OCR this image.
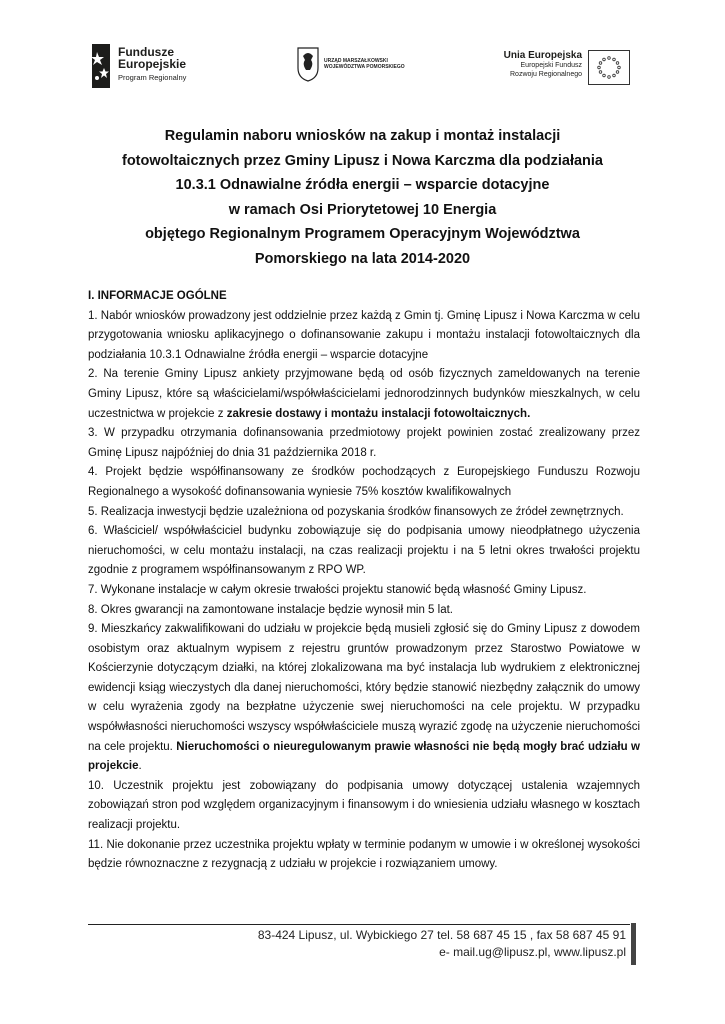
Fundusze
Europejskie
Program Regionalny
URZĄD MARSZAŁKOWSKI
WOJEWÓDZTWA POMORSKIEGO
Unia Europejska
Europejski Fundusz
Rozwoju Regionalnego
Regulamin naboru wniosków na zakup i montaż instalacji
fotowoltaicznych przez Gminy Lipusz i Nowa Karczma dla podziałania
10.3.1 Odnawialne źródła energii – wsparcie dotacyjne
w ramach Osi Priorytetowej 10 Energia
objętego Regionalnym Programem Operacyjnym Województwa
Pomorskiego na lata 2014-2020
I. INFORMACJE OGÓLNE

1. Nabór wniosków prowadzony jest oddzielnie przez każdą z Gmin tj. Gminę Lipusz i Nowa Karczma w celu przygotowania wniosku aplikacyjnego o dofinansowanie zakupu i montażu instalacji fotowoltaicznych dla podziałania 10.3.1 Odnawialne źródła energii – wsparcie dotacyjne

2. Na terenie Gminy Lipusz ankiety przyjmowane będą od osób fizycznych zameldowanych na terenie Gminy Lipusz, które są właścicielami/współwłaścicielami jednorodzinnych budynków mieszkalnych, w celu uczestnictwa w projekcie z zakresie dostawy i montażu instalacji fotowoltaicznych.

3. W przypadku otrzymania dofinansowania przedmiotowy projekt powinien zostać zrealizowany przez Gminę Lipusz najpóźniej do dnia 31 października 2018 r.

4. Projekt będzie współfinansowany ze środków pochodzących z Europejskiego Funduszu Rozwoju Regionalnego a wysokość dofinansowania wyniesie 75% kosztów kwalifikowalnych

5. Realizacja inwestycji będzie uzależniona od pozyskania środków finansowych ze źródeł zewnętrznych.

6. Właściciel/ współwłaściciel budynku zobowiązuje się do podpisania umowy nieodpłatnego użyczenia nieruchomości, w celu montażu instalacji, na czas realizacji projektu i na 5 letni okres trwałości projektu zgodnie z programem współfinansowanym z RPO WP.

7. Wykonane instalacje w całym okresie trwałości projektu stanowić będą własność Gminy Lipusz.

8. Okres gwarancji na zamontowane instalacje będzie wynosił min 5 lat.

9. Mieszkańcy zakwalifikowani do udziału w projekcie będą musieli zgłosić się do Gminy Lipusz z dowodem osobistym oraz aktualnym wypisem z rejestru gruntów prowadzonym przez Starostwo Powiatowe w Kościerzynie dotyczącym działki, na której zlokalizowana ma być instalacja lub wydrukiem z elektronicznej ewidencji ksiąg wieczystych dla danej nieruchomości, który będzie stanowić niezbędny załącznik do umowy w celu wyrażenia zgody na bezpłatne użyczenie swej nieruchomości na cele projektu. W przypadku współwłasności nieruchomości wszyscy współwłaściciele muszą wyrazić zgodę na użyczenie nieruchomości na cele projektu. Nieruchomości o nieuregulowanym prawie własności nie będą mogły brać udziału w projekcie.

10. Uczestnik projektu jest zobowiązany do podpisania umowy dotyczącej ustalenia wzajemnych zobowiązań stron pod względem organizacyjnym i finansowym i do wniesienia udziału własnego w kosztach realizacji projektu.

11. Nie dokonanie przez uczestnika projektu wpłaty w terminie podanym w umowie i w określonej wysokości będzie równoznaczne z rezygnacją z udziału w projekcie i rozwiązaniem umowy.

83-424 Lipusz, ul. Wybickiego 27 tel. 58 687 45 15 , fax 58 687 45 91
e- mail.ug@lipusz.pl, www.lipusz.pl
